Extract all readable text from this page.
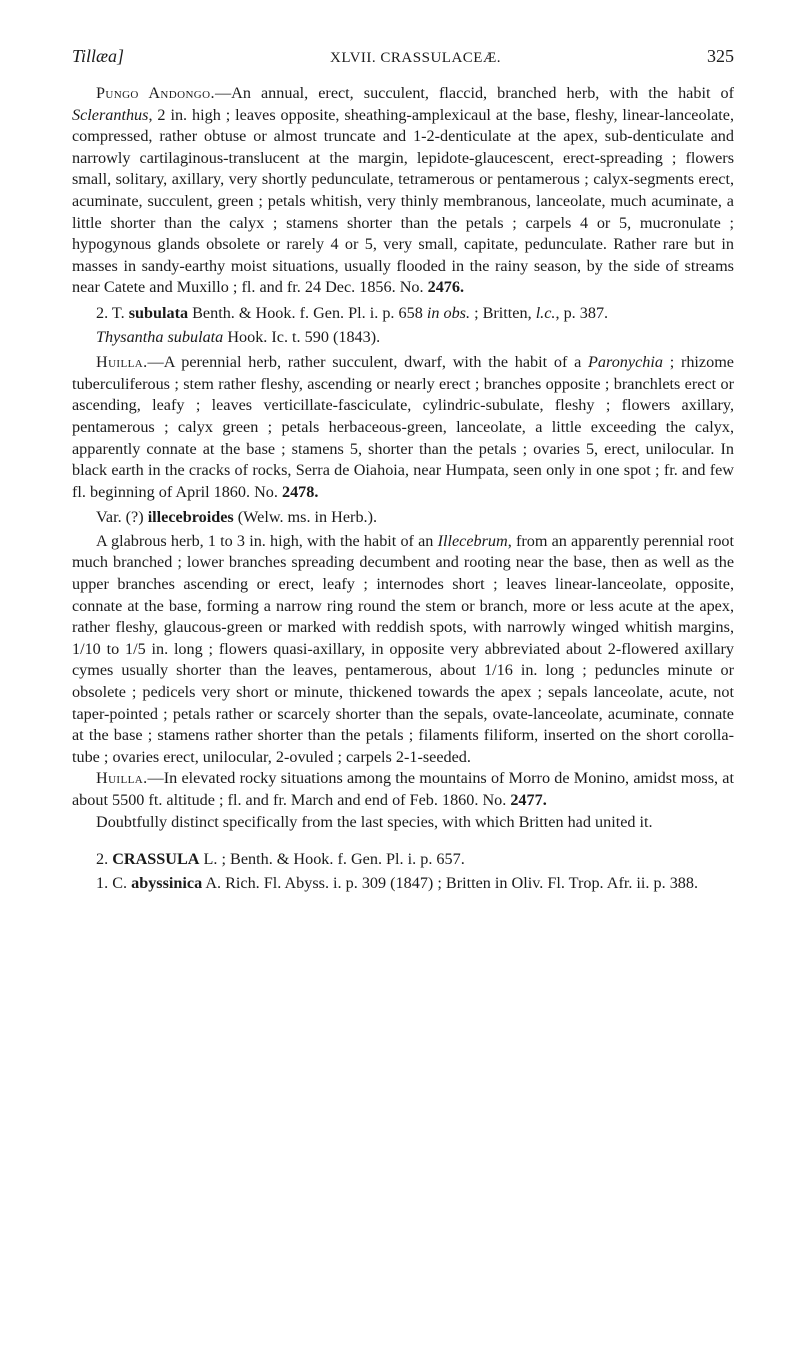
Tillæa]	XLVII. CRASSULACEÆ.	325

Pungo Andongo.—An annual, erect, succulent, flaccid, branched herb, with the habit of Scleranthus, 2 in. high ; leaves opposite, sheathing-amplexicaul at the base, fleshy, linear-lanceolate, compressed, rather obtuse or almost truncate and 1-2-denticulate at the apex, sub-denticulate and narrowly cartilaginous-translucent at the margin, lepidote-glaucescent, erect-spreading ; flowers small, solitary, axillary, very shortly pedunculate, tetramerous or pentamerous ; calyx-segments erect, acuminate, succulent, green ; petals whitish, very thinly membranous, lanceolate, much acuminate, a little shorter than the calyx ; stamens shorter than the petals ; carpels 4 or 5, mucronulate ; hypogynous glands obsolete or rarely 4 or 5, very small, capitate, pedunculate. Rather rare but in masses in sandy-earthy moist situations, usually flooded in the rainy season, by the side of streams near Catete and Muxillo ; fl. and fr. 24 Dec. 1856. No. 2476.

2. T. subulata Benth. & Hook. f. Gen. Pl. i. p. 658 in obs. ; Britten, l.c., p. 387.

Thysantha subulata Hook. Ic. t. 590 (1843).

Huilla.—A perennial herb, rather succulent, dwarf, with the habit of a Paronychia ; rhizome tuberculiferous ; stem rather fleshy, ascending or nearly erect ; branches opposite ; branchlets erect or ascending, leafy ; leaves verticillate-fasciculate, cylindric-subulate, fleshy ; flowers axillary, pentamerous ; calyx green ; petals herbaceous-green, lanceolate, a little exceeding the calyx, apparently connate at the base ; stamens 5, shorter than the petals ; ovaries 5, erect, unilocular. In black earth in the cracks of rocks, Serra de Oiahoia, near Humpata, seen only in one spot ; fr. and few fl. beginning of April 1860. No. 2478.

Var. (?) illecebroides (Welw. ms. in Herb.).

A glabrous herb, 1 to 3 in. high, with the habit of an Illecebrum, from an apparently perennial root much branched ; lower branches spreading decumbent and rooting near the base, then as well as the upper branches ascending or erect, leafy ; internodes short ; leaves linear-lanceolate, opposite, connate at the base, forming a narrow ring round the stem or branch, more or less acute at the apex, rather fleshy, glaucous-green or marked with reddish spots, with narrowly winged whitish margins, 1/10 to 1/5 in. long ; flowers quasi-axillary, in opposite very abbreviated about 2-flowered axillary cymes usually shorter than the leaves, pentamerous, about 1/16 in. long ; peduncles minute or obsolete ; pedicels very short or minute, thickened towards the apex ; sepals lanceolate, acute, not taper-pointed ; petals rather or scarcely shorter than the sepals, ovate-lanceolate, acuminate, connate at the base ; stamens rather shorter than the petals ; filaments filiform, inserted on the short corolla-tube ; ovaries erect, unilocular, 2-ovuled ; carpels 2-1-seeded.

Huilla.—In elevated rocky situations among the mountains of Morro de Monino, amidst moss, at about 5500 ft. altitude ; fl. and fr. March and end of Feb. 1860. No. 2477.

Doubtfully distinct specifically from the last species, with which Britten had united it.

2. CRASSULA L. ; Benth. & Hook. f. Gen. Pl. i. p. 657.

1. C. abyssinica A. Rich. Fl. Abyss. i. p. 309 (1847) ; Britten in Oliv. Fl. Trop. Afr. ii. p. 388.
